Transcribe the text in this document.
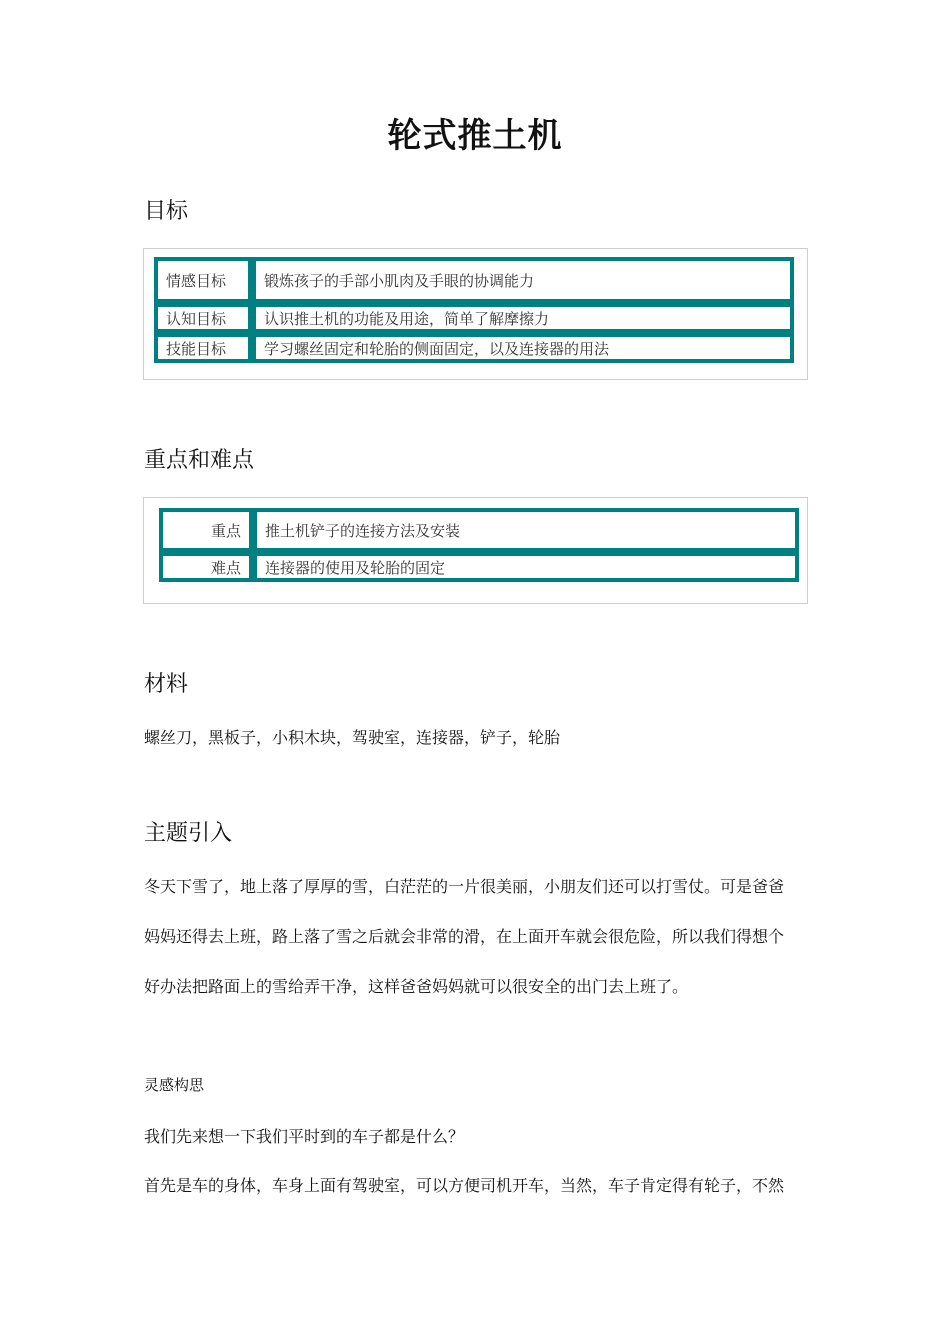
轮式推土机
目标
情感目标	锻炼孩子的手部小肌肉及手眼的协调能力
认知目标	认识推土机的功能及用途，简单了解摩擦力
技能目标	学习螺丝固定和轮胎的侧面固定，以及连接器的用法
重点和难点
重点	推土机铲子的连接方法及安装
难点	连接器的使用及轮胎的固定
材料
螺丝刀，黑板子，小积木块，驾驶室，连接器，铲子，轮胎
主题引入
冬天下雪了，地上落了厚厚的雪，白茫茫的一片很美丽，小朋友们还可以打雪仗。可是爸爸
妈妈还得去上班，路上落了雪之后就会非常的滑，在上面开车就会很危险，所以我们得想个
好办法把路面上的雪给弄干净，这样爸爸妈妈就可以很安全的出门去上班了。
灵感构思
我们先来想一下我们平时到的车子都是什么？
首先是车的身体，车身上面有驾驶室，可以方便司机开车，当然，车子肯定得有轮子，不然
